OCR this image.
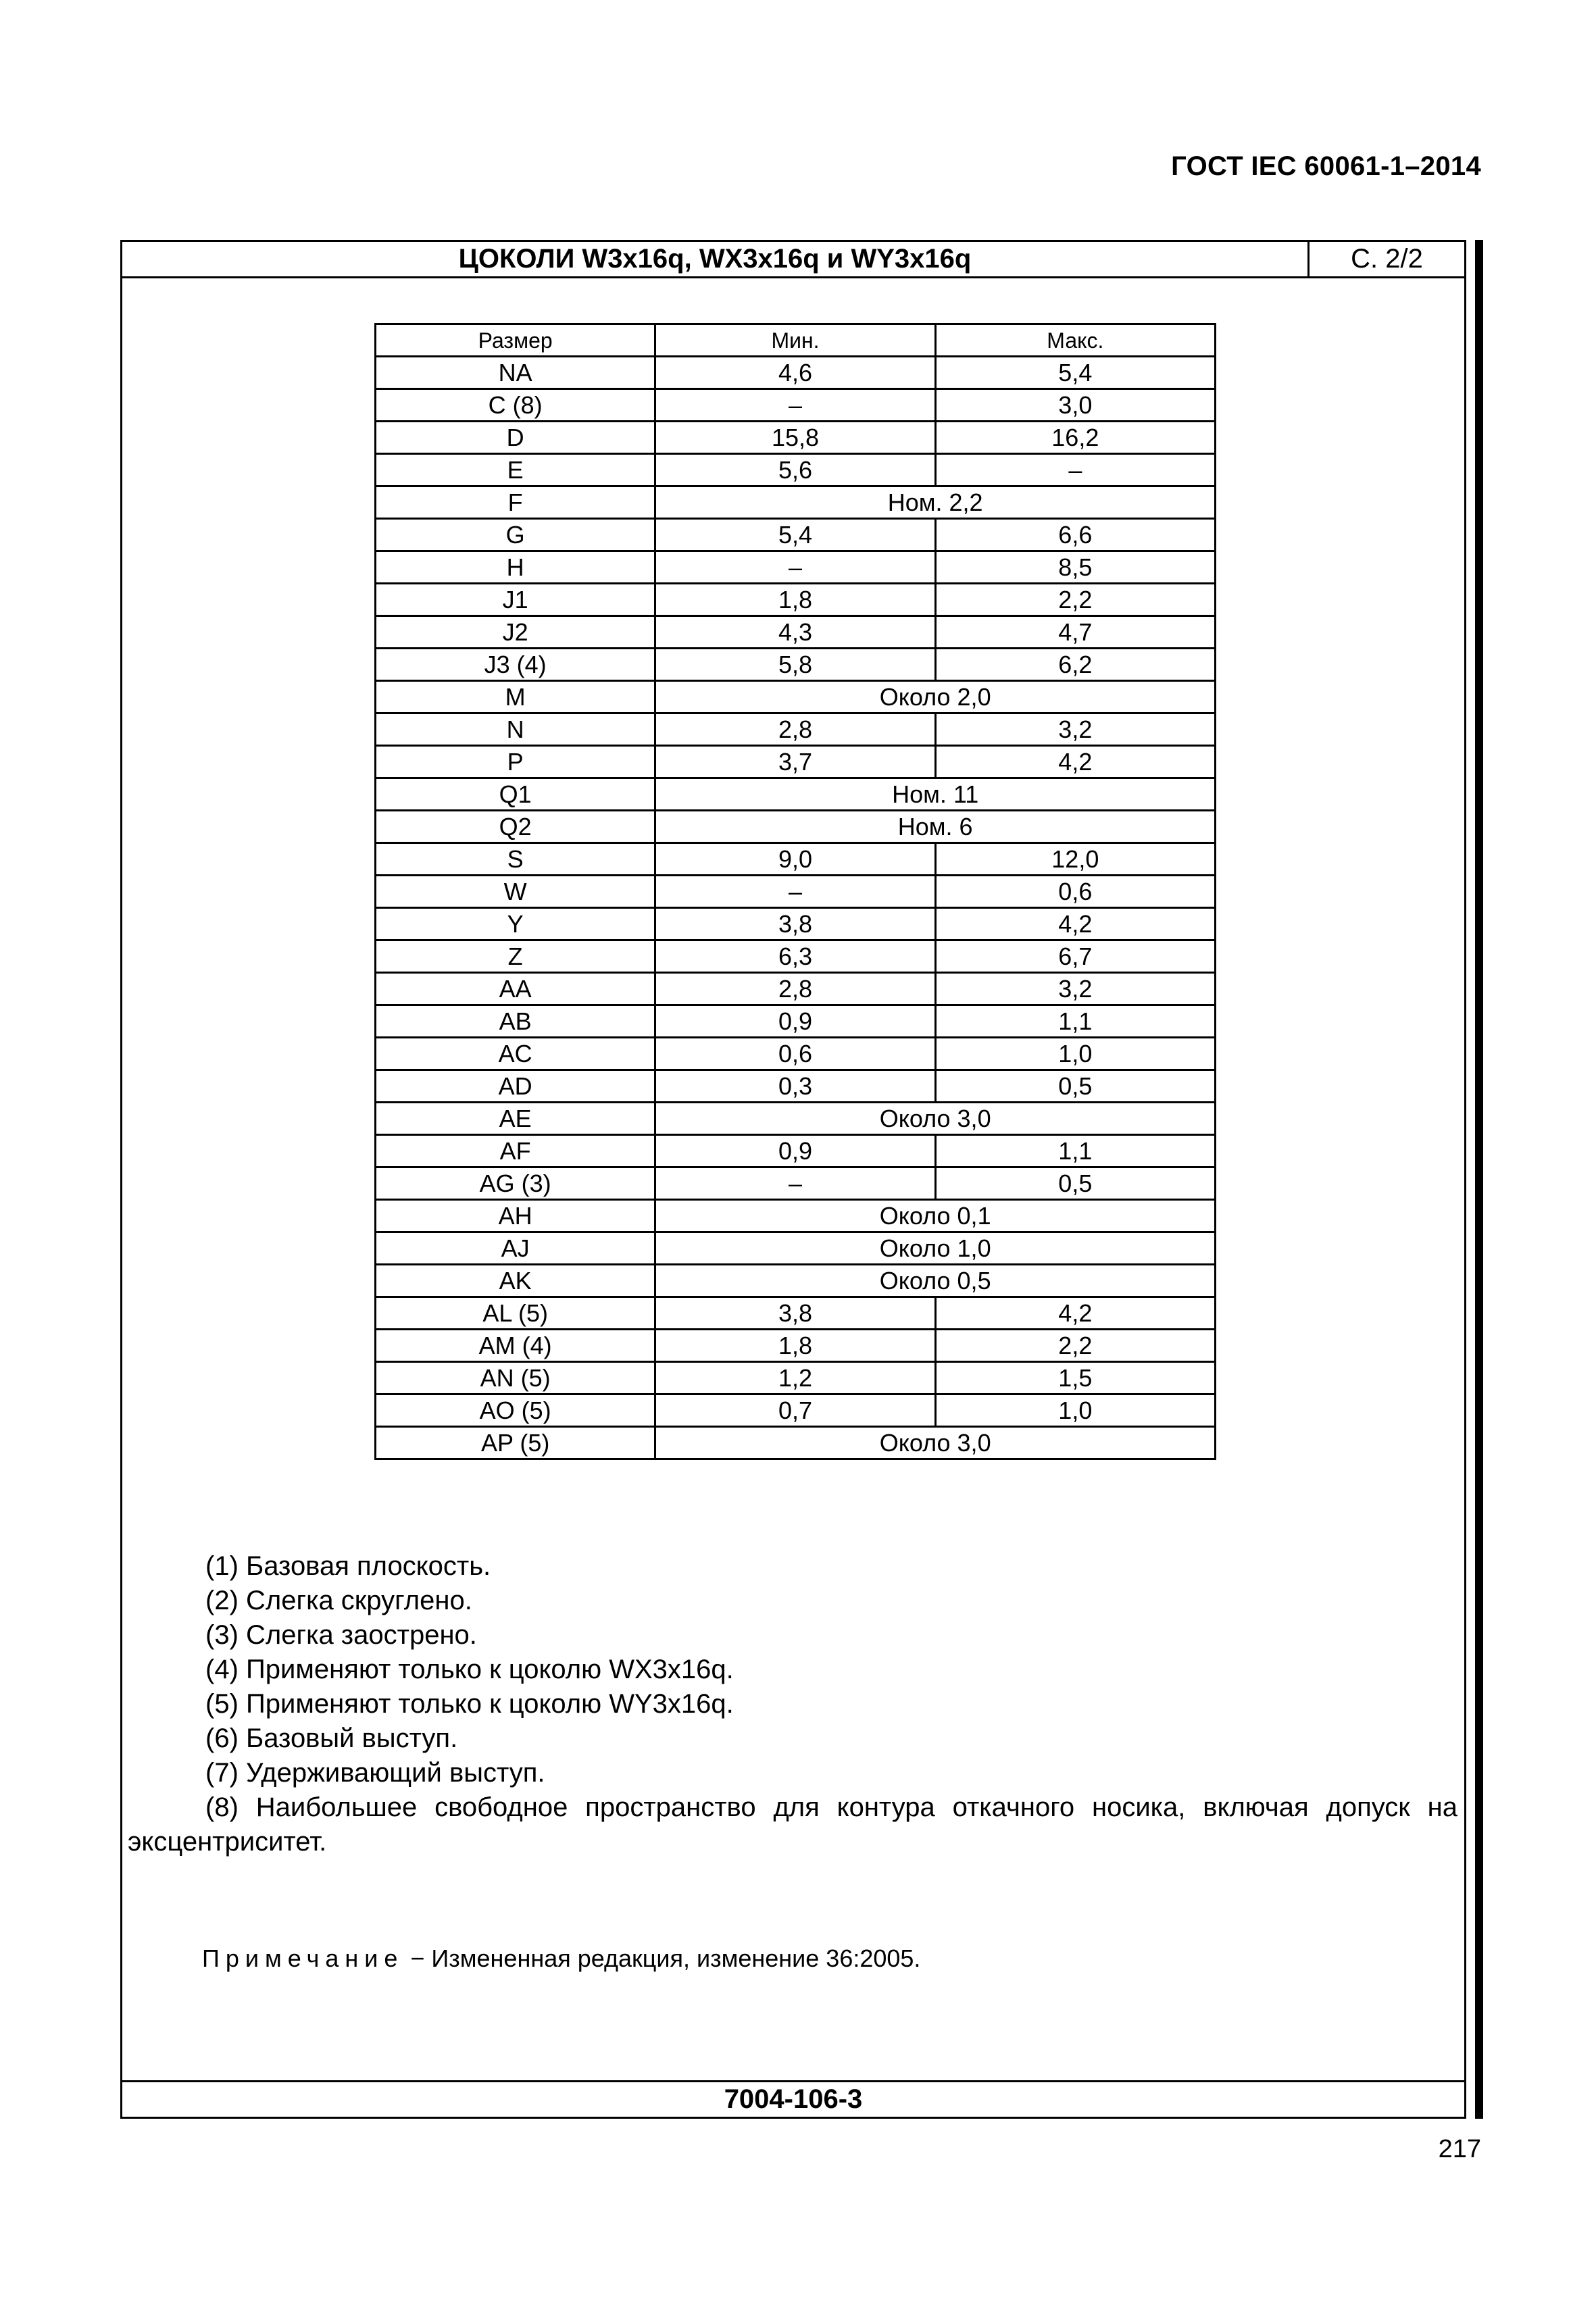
ГОСТ IEC 60061-1–2014
ЦОКОЛИ W3x16q, WX3x16q и WY3x16q	С. 2/2
Размер	Мин.	Макс.
NA	4,6	5,4
C (8)	–	3,0
D	15,8	16,2
E	5,6	–
F	Ном. 2,2	
G	5,4	6,6
H	–	8,5
J1	1,8	2,2
J2	4,3	4,7
J3 (4)	5,8	6,2
M	Около 2,0	
N	2,8	3,2
P	3,7	4,2
Q1	Ном. 11	
Q2	Ном. 6	
S	9,0	12,0
W	–	0,6
Y	3,8	4,2
Z	6,3	6,7
AA	2,8	3,2
AB	0,9	1,1
AC	0,6	1,0
AD	0,3	0,5
AE	Около 3,0	
AF	0,9	1,1
AG (3)	–	0,5
AH	Около 0,1	
AJ	Около 1,0	
AK	Около 0,5	
AL (5)	3,8	4,2
AM (4)	1,8	2,2
AN (5)	1,2	1,5
AO (5)	0,7	1,0
AP (5)	Около 3,0	

(1) Базовая плоскость.

(2) Слегка скруглено.

(3) Слегка заострено.

(4) Применяют только к цоколю WX3x16q.

(5) Применяют только к цоколю WY3x16q.

(6) Базовый выступ.

(7) Удерживающий выступ.

(8) Наибольшее свободное пространство для контура откачного носика, включая допуск на эксцентриситет.

Примечание − Измененная редакция, изменение 36:2005.
7004-106-3
217
